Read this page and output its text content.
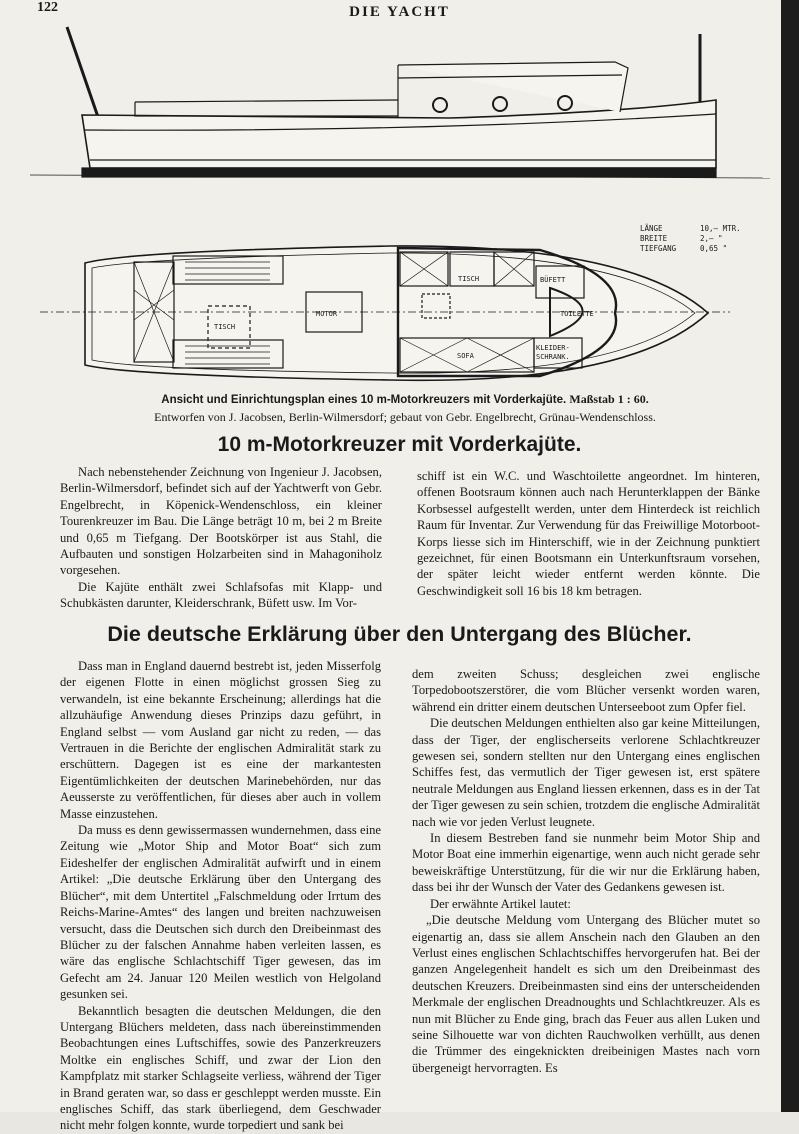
122	DIE YACHT
TISCH
MOTOR
TISCH	BÜFETT
TOILETTE
SOFA
KLEIDER-
SCHRANK.
LÄNGE	10,— MTR.
BREITE	2,— "
TIEFGANG	0,65 "
Ansicht und Einrichtungsplan eines 10 m-Motorkreuzers mit Vorderkajüte. Maßstab 1 : 60.
Entworfen von J. Jacobsen, Berlin-Wilmersdorf; gebaut von Gebr. Engelbrecht, Grünau-Wendenschloss.
10 m-Motorkreuzer mit Vorderkajüte.

Nach nebenstehender Zeichnung von Ingenieur J. Jacobsen, Berlin-Wilmersdorf, befindet sich auf der Yachtwerft von Gebr. Engelbrecht, in Köpenick-Wendenschloss, ein kleiner Tourenkreuzer im Bau. Die Länge beträgt 10 m, bei 2 m Breite und 0,65 m Tiefgang. Der Bootskörper ist aus Stahl, die Aufbauten und sonstigen Holzarbeiten sind in Mahagoniholz vorgesehen.

Die Kajüte enthält zwei Schlafsofas mit Klapp- und Schubkästen darunter, Kleiderschrank, Büfett usw. Im Vor-

schiff ist ein W.C. und Waschtoilette angeordnet. Im hinteren, offenen Bootsraum können auch nach Herunterklappen der Bänke Korbsessel aufgestellt werden, unter dem Hinterdeck ist reichlich Raum für Inventar. Zur Verwendung für das Freiwillige Motorboot-Korps liesse sich im Hinterschiff, wie in der Zeichnung punktiert gezeichnet, für einen Bootsmann ein Unterkunftsraum vorsehen, der später leicht wieder entfernt werden könnte. Die Geschwindigkeit soll 16 bis 18 km betragen.

Die deutsche Erklärung über den Untergang des Blücher.

Dass man in England dauernd bestrebt ist, jeden Misserfolg der eigenen Flotte in einen möglichst grossen Sieg zu verwandeln, ist eine bekannte Erscheinung; allerdings hat die allzuhäufige Anwendung dieses Prinzips dazu geführt, in England selbst — vom Ausland gar nicht zu reden, — das Vertrauen in die Berichte der englischen Admiralität stark zu erschüttern. Dagegen ist es eine der markantesten Eigentümlichkeiten der deutschen Marinebehörden, nur das Aeusserste zu veröffentlichen, für dieses aber auch in vollem Masse einzustehen.

Da muss es denn gewissermassen wundernehmen, dass eine Zeitung wie „Motor Ship and Motor Boat“ sich zum Eideshelfer der englischen Admiralität aufwirft und in einem Artikel: „Die deutsche Erklärung über den Untergang des Blücher“, mit dem Untertitel „Falschmeldung oder Irrtum des Reichs-Marine-Amtes“ des langen und breiten nachzuweisen versucht, dass die Deutschen sich durch den Dreibeinmast des Blücher zu der falschen Annahme haben verleiten lassen, es wäre das englische Schlachtschiff Tiger gewesen, das im Gefecht am 24. Januar 120 Meilen westlich von Helgoland gesunken sei.

Bekanntlich besagten die deutschen Meldungen, die den Untergang Blüchers meldeten, dass nach übereinstimmenden Beobachtungen eines Luftschiffes, sowie des Panzerkreuzers Moltke ein englisches Schiff, und zwar der Lion den Kampfplatz mit starker Schlagseite verliess, während der Tiger in Brand geraten war, so dass er geschleppt werden musste. Ein englisches Schiff, das stark überliegend, dem Geschwader nicht mehr folgen konnte, wurde torpediert und sank bei

dem zweiten Schuss; desgleichen zwei englische Torpedobootszerstörer, die vom Blücher versenkt worden waren, während ein dritter einem deutschen Unterseeboot zum Opfer fiel.

Die deutschen Meldungen enthielten also gar keine Mitteilungen, dass der Tiger, der englischerseits verlorene Schlachtkreuzer gewesen sei, sondern stellten nur den Untergang eines englischen Schiffes fest, das vermutlich der Tiger gewesen ist, erst spätere neutrale Meldungen aus England liessen erkennen, dass es in der Tat der Tiger gewesen zu sein schien, trotzdem die englische Admiralität nach wie vor jeden Verlust leugnete.

In diesem Bestreben fand sie nunmehr beim Motor Ship and Motor Boat eine immerhin eigenartige, wenn auch nicht gerade sehr beweiskräftige Unterstützung, für die wir nur die Erklärung haben, dass bei ihr der Wunsch der Vater des Gedankens gewesen ist.

Der erwähnte Artikel lautet:

„Die deutsche Meldung vom Untergang des Blücher mutet so eigenartig an, dass sie allem Anschein nach den Glauben an den Verlust eines englischen Schlachtschiffes hervorgerufen hat. Bei der ganzen Angelegenheit handelt es sich um den Dreibeinmast des deutschen Kreuzers. Dreibeinmasten sind eins der unterscheidenden Merkmale der englischen Dreadnoughts und Schlachtkreuzer. Als es nun mit Blücher zu Ende ging, brach das Feuer aus allen Luken und seine Silhouette war von dichten Rauchwolken verhüllt, aus denen die Trümmer des eingeknickten dreibeinigen Mastes nach vorn übergeneigt hervorragten. Es
